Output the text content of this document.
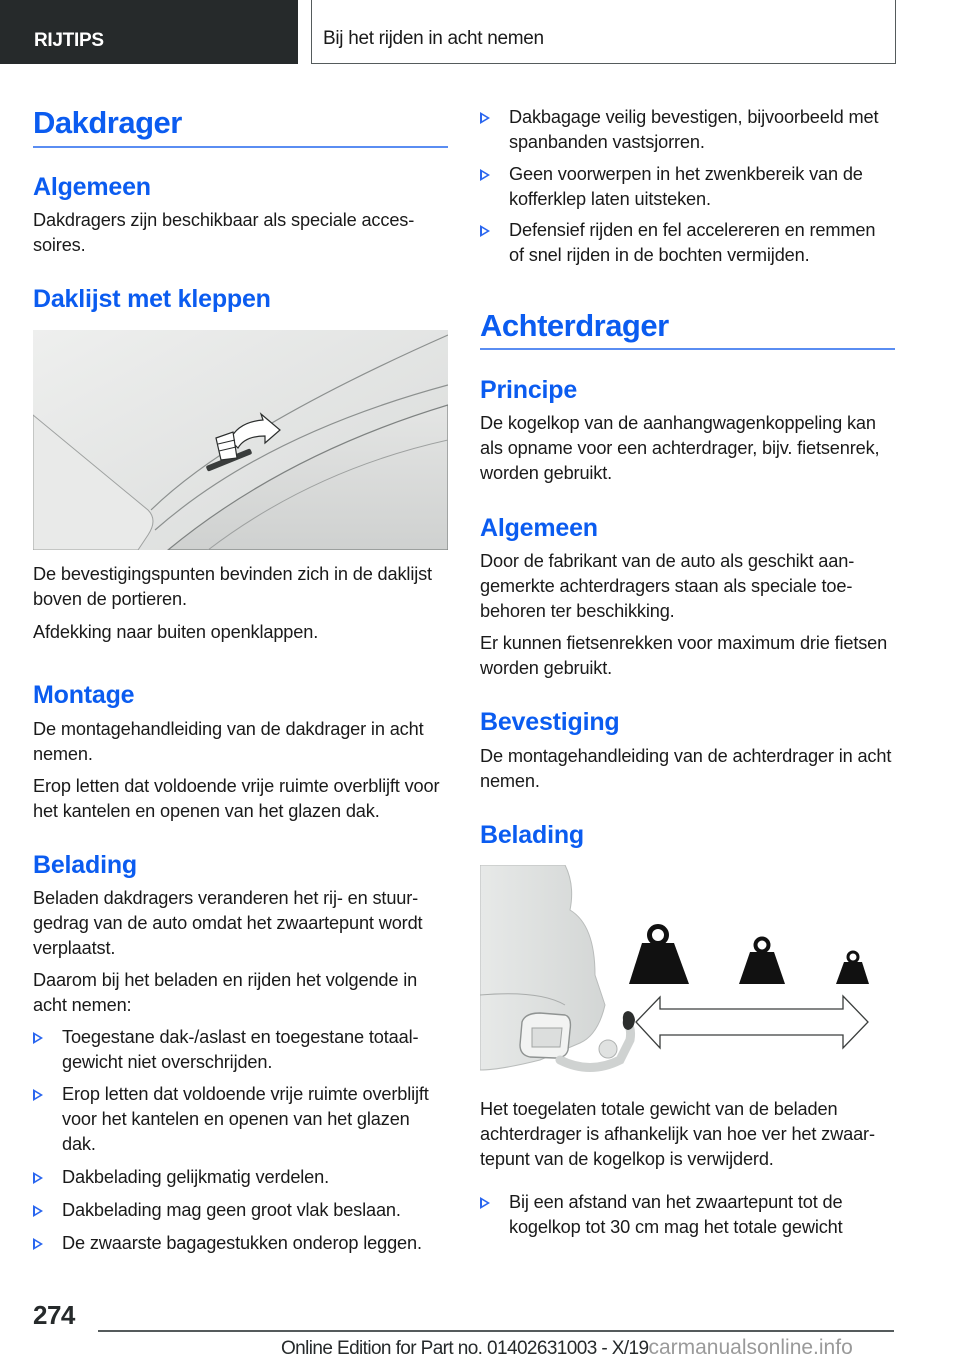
RIJTIPS	Bij het rijden in acht nemen
Dakdrager
Algemeen

Dakdragers zijn beschikbaar als speciale accessoires.

Daklijst met kleppen

De bevestigingspunten bevinden zich in de daklijst boven de portieren.

Afdekking naar buiten openklappen.

Montage

De montagehandleiding van de dakdrager in acht nemen.

Erop letten dat voldoende vrije ruimte overblijft voor het kantelen en openen van het glazen dak.

Belading

Beladen dakdragers veranderen het rij- en stuurgedrag van de auto omdat het zwaartepunt wordt verplaatst.

Daarom bij het beladen en rijden het volgende in acht nemen:

Toegestane dak-/aslast en toegestane totaalgewicht niet overschrijden.

Erop letten dat voldoende vrije ruimte overblijft voor het kantelen en openen van het glazen dak.

Dakbelading gelijkmatig verdelen.

Dakbelading mag geen groot vlak beslaan.

De zwaarste bagagestukken onderop leggen.

Dakbagage veilig bevestigen, bijvoorbeeld met spanbanden vastsjorren.

Geen voorwerpen in het zwenkbereik van de kofferklep laten uitsteken.

Defensief rijden en fel accelereren en remmen of snel rijden in de bochten vermijden.

Achterdrager
Principe

De kogelkop van de aanhangwagenkoppeling kan als opname voor een achterdrager, bijv. fietsenrek, worden gebruikt.

Algemeen

Door de fabrikant van de auto als geschikt aangemerkte achterdragers staan als speciale toebehoren ter beschikking.

Er kunnen fietsenrekken voor maximum drie fietsen worden gebruikt.

Bevestiging

De montagehandleiding van de achterdrager in acht nemen.

Belading

Het toegelaten totale gewicht van de beladen achterdrager is afhankelijk van hoe ver het zwaartepunt van de kogelkop is verwijderd.

Bij een afstand van het zwaartepunt tot de kogelkop tot 30 cm mag het totale gewicht

274
Online Edition for Part no. 01402631003 - X/19carmanualsonline.info
